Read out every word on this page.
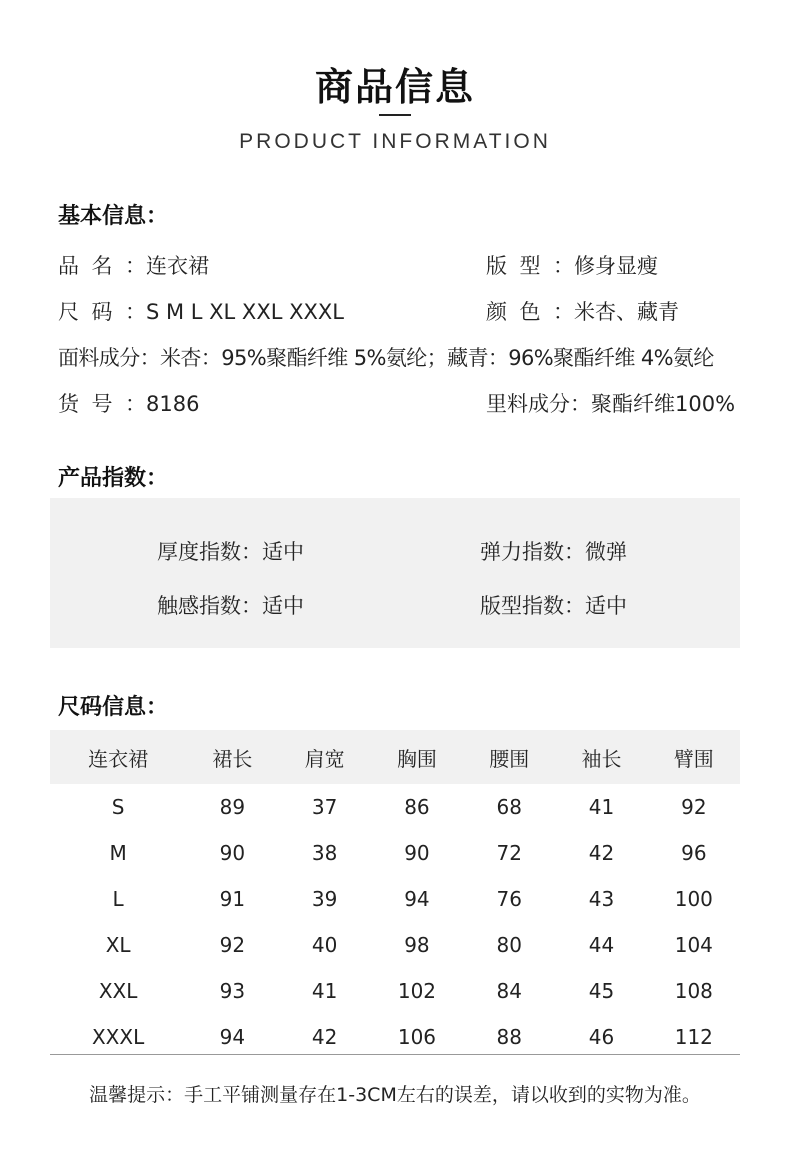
商品信息
PRODUCT INFORMATION
基本信息：
品名：连衣裙	版型：修身显瘦
尺码：S M L XL XXL XXXL	颜色：米杏、藏青
面料成分：米杏：95%聚酯纤维 5%氨纶；藏青：96%聚酯纤维 4%氨纶
货号：8186	里料成分：聚酯纤维100%
产品指数：
厚度指数：适中	弹力指数：微弹
触感指数：适中	版型指数：适中
尺码信息：
连衣裙	裙长	肩宽	胸围	腰围	袖长	臂围
S	89	37	86	68	41	92
M	90	38	90	72	42	96
L	91	39	94	76	43	100
XL	92	40	98	80	44	104
XXL	93	41	102	84	45	108
XXXL	94	42	106	88	46	112
温馨提示：手工平铺测量存在1-3CM左右的误差，请以收到的实物为准。
